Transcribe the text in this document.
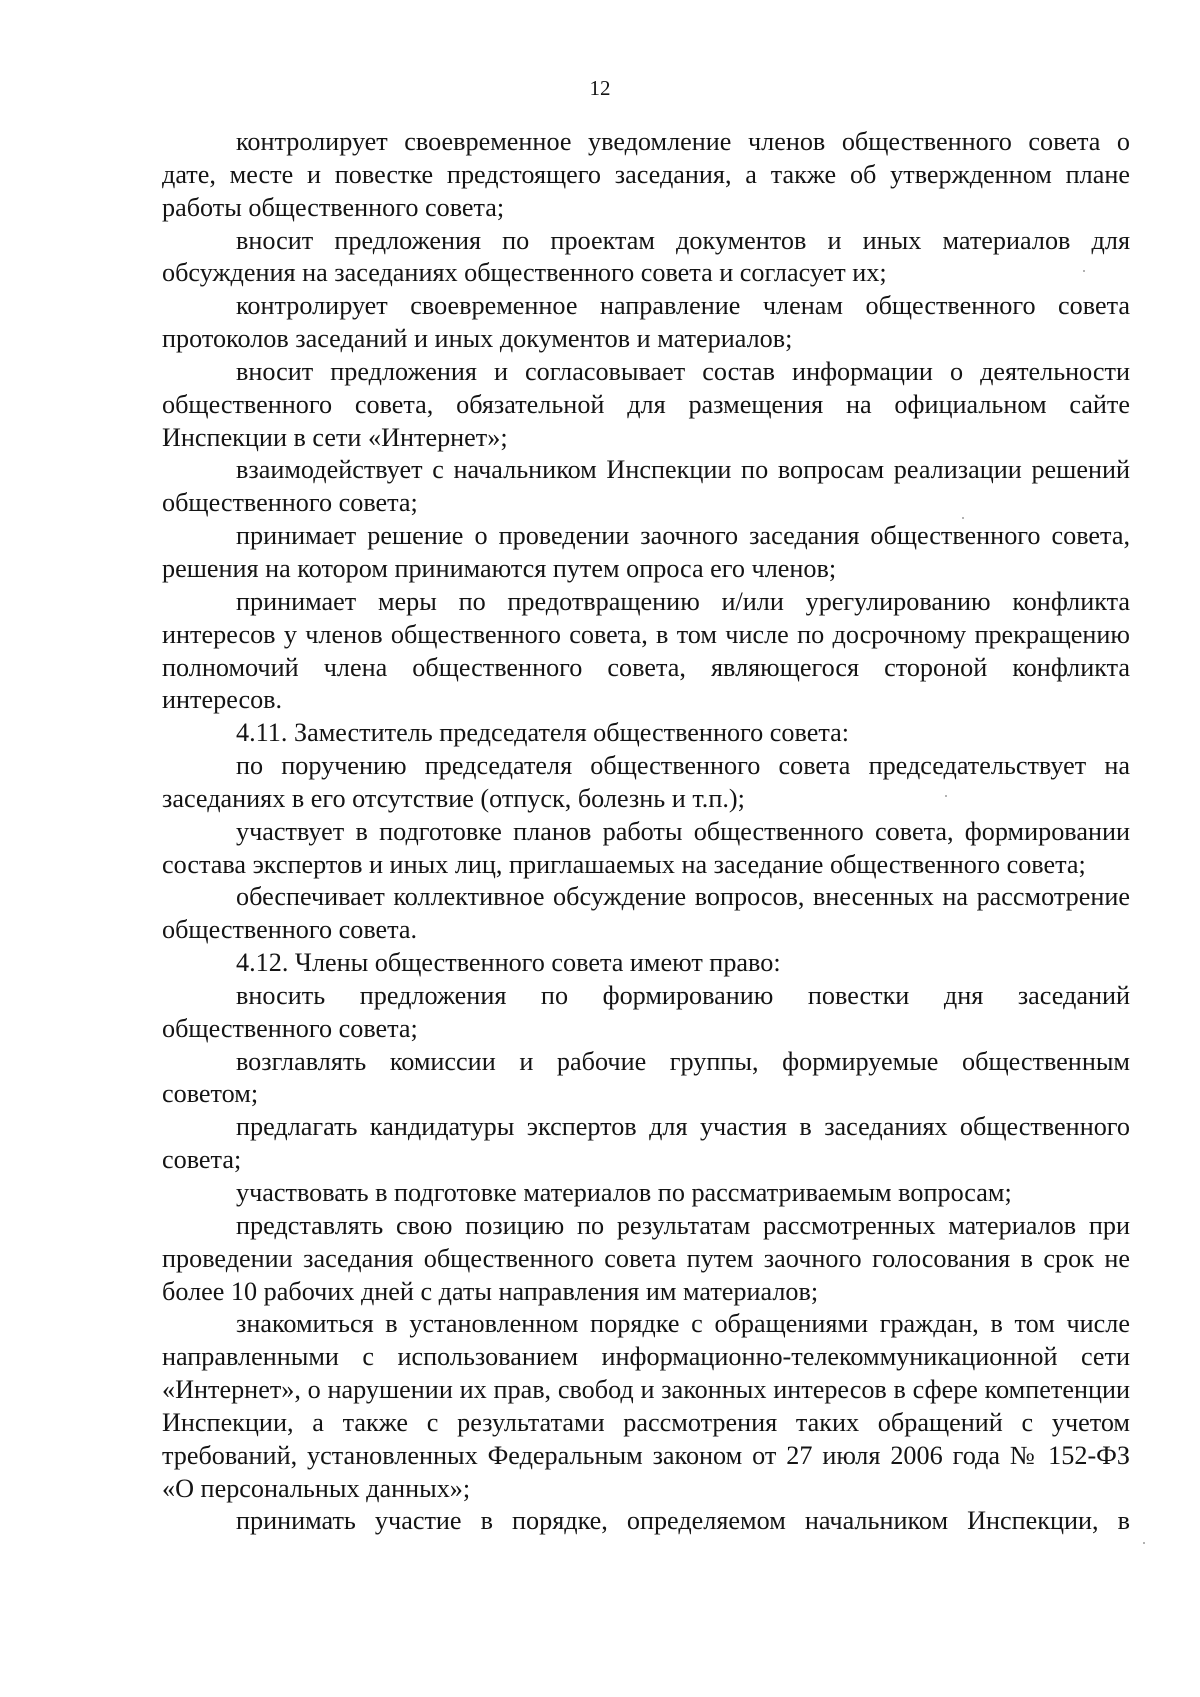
12

контролирует своевременное уведомление членов общественного совета о дате, месте и повестке предстоящего заседания, а также об утвержденном плане работы общественного совета;

вносит предложения по проектам документов и иных материалов для обсуждения на заседаниях общественного совета и согласует их;

контролирует своевременное направление членам общественного совета протоколов заседаний и иных документов и материалов;

вносит предложения и согласовывает состав информации о деятельности общественного совета, обязательной для размещения на официальном сайте Инспекции в сети «Интернет»;

взаимодействует с начальником Инспекции по вопросам реализации решений общественного совета;

принимает решение о проведении заочного заседания общественного совета, решения на котором принимаются путем опроса его членов;

принимает меры по предотвращению и/или урегулированию конфликта интересов у членов общественного совета, в том числе по досрочному прекращению полномочий члена общественного совета, являющегося стороной конфликта интересов.

4.11. Заместитель председателя общественного совета:

по поручению председателя общественного совета председательствует на заседаниях в его отсутствие (отпуск, болезнь и т.п.);

участвует в подготовке планов работы общественного совета, формировании состава экспертов и иных лиц, приглашаемых на заседание общественного совета;

обеспечивает коллективное обсуждение вопросов, внесенных на рассмотрение общественного совета.

4.12. Члены общественного совета имеют право:

вносить предложения по формированию повестки дня заседаний общественного совета;

возглавлять комиссии и рабочие группы, формируемые общественным советом;

предлагать кандидатуры экспертов для участия в заседаниях общественного совета;

участвовать в подготовке материалов по рассматриваемым вопросам;

представлять свою позицию по результатам рассмотренных материалов при проведении заседания общественного совета путем заочного голосования в срок не более 10 рабочих дней с даты направления им материалов;

знакомиться в установленном порядке с обращениями граждан, в том числе направленными с использованием информационно-телекоммуникационной сети «Интернет», о нарушении их прав, свобод и законных интересов в сфере компетенции Инспекции, а также с результатами рассмотрения таких обращений с учетом требований, установленных Федеральным законом от 27 июля 2006 года № 152-ФЗ «О персональных данных»;

принимать участие в порядке, определяемом начальником Инспекции, в
